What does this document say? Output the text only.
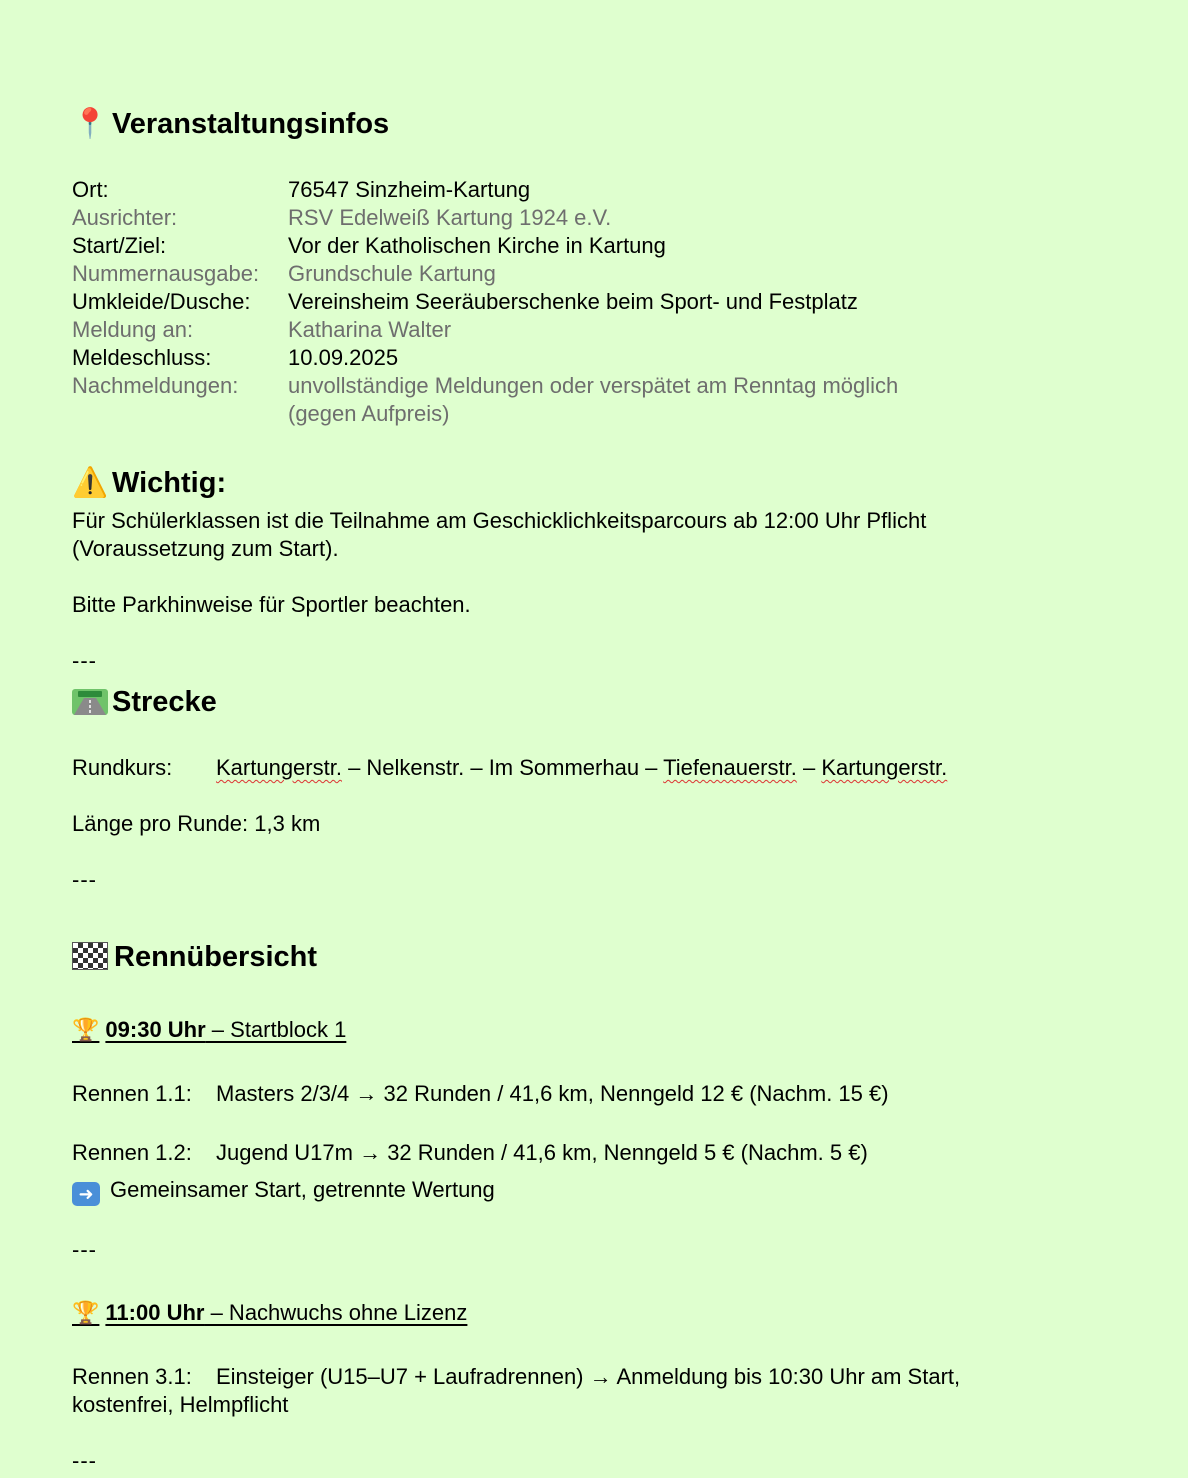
📍 Veranstaltungsinfos
Ort:	76547 Sinzheim-Kartung
Ausrichter:	RSV Edelweiß Kartung 1924 e.V.
Start/Ziel:	Vor der Katholischen Kirche in Kartung
Nummernausgabe:	Grundschule Kartung
Umkleide/Dusche:	Vereinsheim Seeräuberschenke beim Sport- und Festplatz
Meldung an:	Katharina Walter
Meldeschluss:	10.09.2025
Nachmeldungen:	unvollständige Meldungen oder verspätet am Renntag möglich
(gegen Aufpreis)
⚠️ Wichtig:
Für Schülerklassen ist die Teilnahme am Geschicklichkeitsparcours ab 12:00 Uhr Pflicht
(Voraussetzung zum Start).
Bitte Parkhinweise für Sportler beachten.
---
Strecke
Rundkurs: Kartungerstr. – Nelkenstr. – Im Sommerhau – Tiefenauerstr. – Kartungerstr.
Länge pro Runde: 1,3 km
---
Rennübersicht
🏆 09:30 Uhr – Startblock 1
Rennen 1.1: Masters 2/3/4 → 32 Runden / 41,6 km, Nenngeld 12 € (Nachm. 15 €)
Rennen 1.2: Jugend U17m → 32 Runden / 41,6 km, Nenngeld 5 € (Nachm. 5 €)
➜ Gemeinsamer Start, getrennte Wertung
---
🏆 11:00 Uhr – Nachwuchs ohne Lizenz
Rennen 3.1: Einsteiger (U15–U7 + Laufradrennen) → Anmeldung bis 10:30 Uhr am Start,
kostenfrei, Helmpflicht
---
